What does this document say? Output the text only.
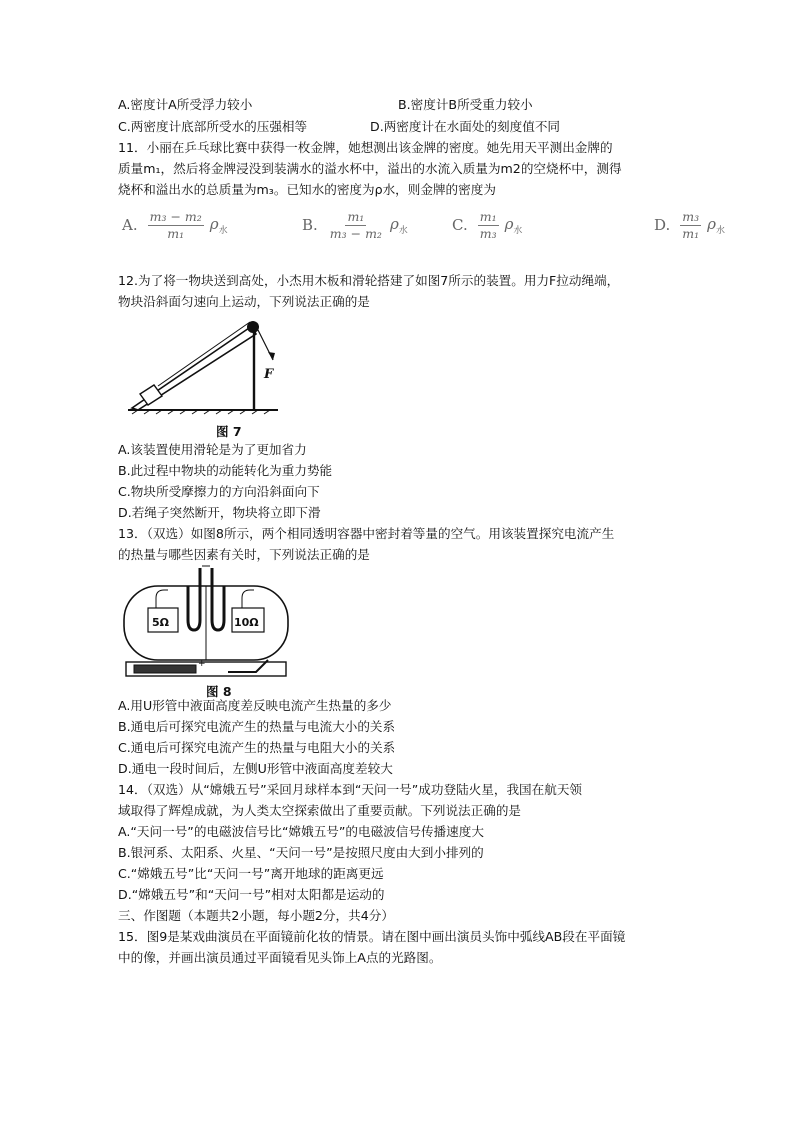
A.密度计A所受浮力较小	B.密度计B所受重力较小
C.两密度计底部所受水的压强相等	D.两密度计在水面处的刻度值不同
11．小丽在乒乓球比赛中获得一枚金牌，她想测出该金牌的密度。她先用天平测出金牌的
质量m₁，然后将金牌浸没到装满水的溢水杯中，溢出的水流入质量为m2的空烧杯中，测得
烧杯和溢出水的总质量为m₃。已知水的密度为ρ水，则金牌的密度为
A. $\frac{\text{m₃ − m₂}}{\text{m₁}} \rho_水$	B. $\frac{\text{m₁}}{\text{m₃ − m₂}} \rho_水$	C. $\frac{\text{m₁}}{\text{m₃}} \rho_水$	D. $\frac{\text{m₃}}{\text{m₁}} \rho_水$
12.为了将一物块送到高处，小杰用木板和滑轮搭建了如图7所示的装置。用力F拉动绳端，
物块沿斜面匀速向上运动，下列说法正确的是
F
图 7
A.该装置使用滑轮是为了更加省力
B.此过程中物块的动能转化为重力势能
C.物块所受摩擦力的方向沿斜面向下
D.若绳子突然断开，物块将立即下滑
13．（双选）如图8所示，两个相同透明容器中密封着等量的空气。用该装置探究电流产生
的热量与哪些因素有关时，下列说法正确的是
5Ω	10Ω
+
图 8
A.用U形管中液面高度差反映电流产生热量的多少
B.通电后可探究电流产生的热量与电流大小的关系
C.通电后可探究电流产生的热量与电阻大小的关系
D.通电一段时间后，左侧U形管中液面高度差较大
14．（双选）从“嫦娥五号”采回月球样本到“天问一号”成功登陆火星，我国在航天领
域取得了辉煌成就，为人类太空探索做出了重要贡献。下列说法正确的是
A.“天问一号”的电磁波信号比“嫦娥五号”的电磁波信号传播速度大
B.银河系、太阳系、火星、“天问一号”是按照尺度由大到小排列的
C.“嫦娥五号”比“天问一号”离开地球的距离更远
D.“嫦娥五号”和“天问一号”相对太阳都是运动的
三、作图题（本题共2小题，每小题2分，共4分）
15．图9是某戏曲演员在平面镜前化妆的情景。请在图中画出演员头饰中弧线AB段在平面镜
中的像，并画出演员通过平面镜看见头饰上A点的光路图。
